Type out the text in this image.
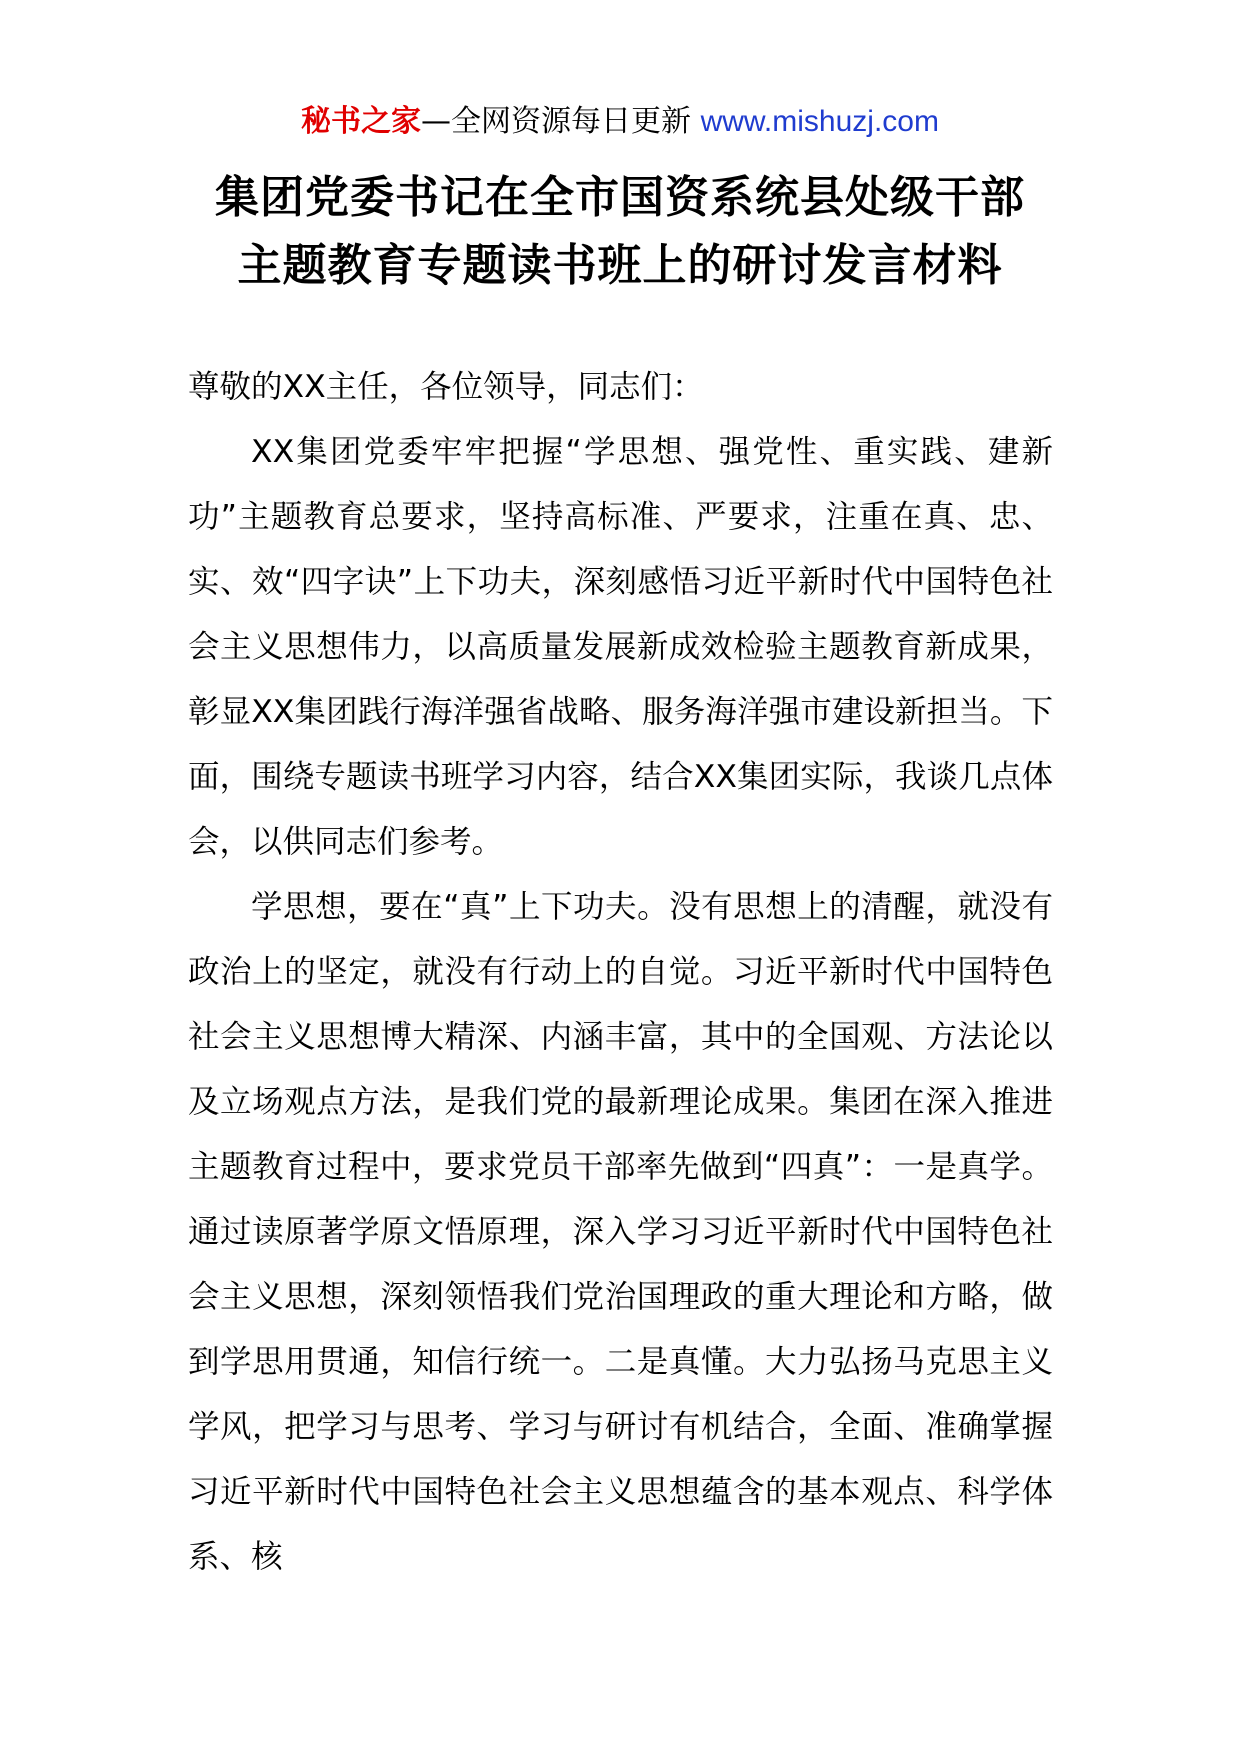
秘书之家—全网资源每日更新 www.mishuzj.com
集团党委书记在全市国资系统县处级干部
主题教育专题读书班上的研讨发言材料

尊敬的XX主任，各位领导，同志们：

XX集团党委牢牢把握“学思想、强党性、重实践、建新功”主题教育总要求，坚持高标准、严要求，注重在真、忠、实、效“四字诀”上下功夫，深刻感悟习近平新时代中国特色社会主义思想伟力，以高质量发展新成效检验主题教育新成果，彰显XX集团践行海洋强省战略、服务海洋强市建设新担当。下面，围绕专题读书班学习内容，结合XX集团实际，我谈几点体会，以供同志们参考。

学思想，要在“真”上下功夫。没有思想上的清醒，就没有政治上的坚定，就没有行动上的自觉。习近平新时代中国特色社会主义思想博大精深、内涵丰富，其中的全国观、方法论以及立场观点方法，是我们党的最新理论成果。集团在深入推进主题教育过程中，要求党员干部率先做到“四真”：一是真学。通过读原著学原文悟原理，深入学习习近平新时代中国特色社会主义思想，深刻领悟我们党治国理政的重大理论和方略，做到学思用贯通，知信行统一。二是真懂。大力弘扬马克思主义学风，把学习与思考、学习与研讨有机结合，全面、准确掌握习近平新时代中国特色社会主义思想蕴含的基本观点、科学体系、核
